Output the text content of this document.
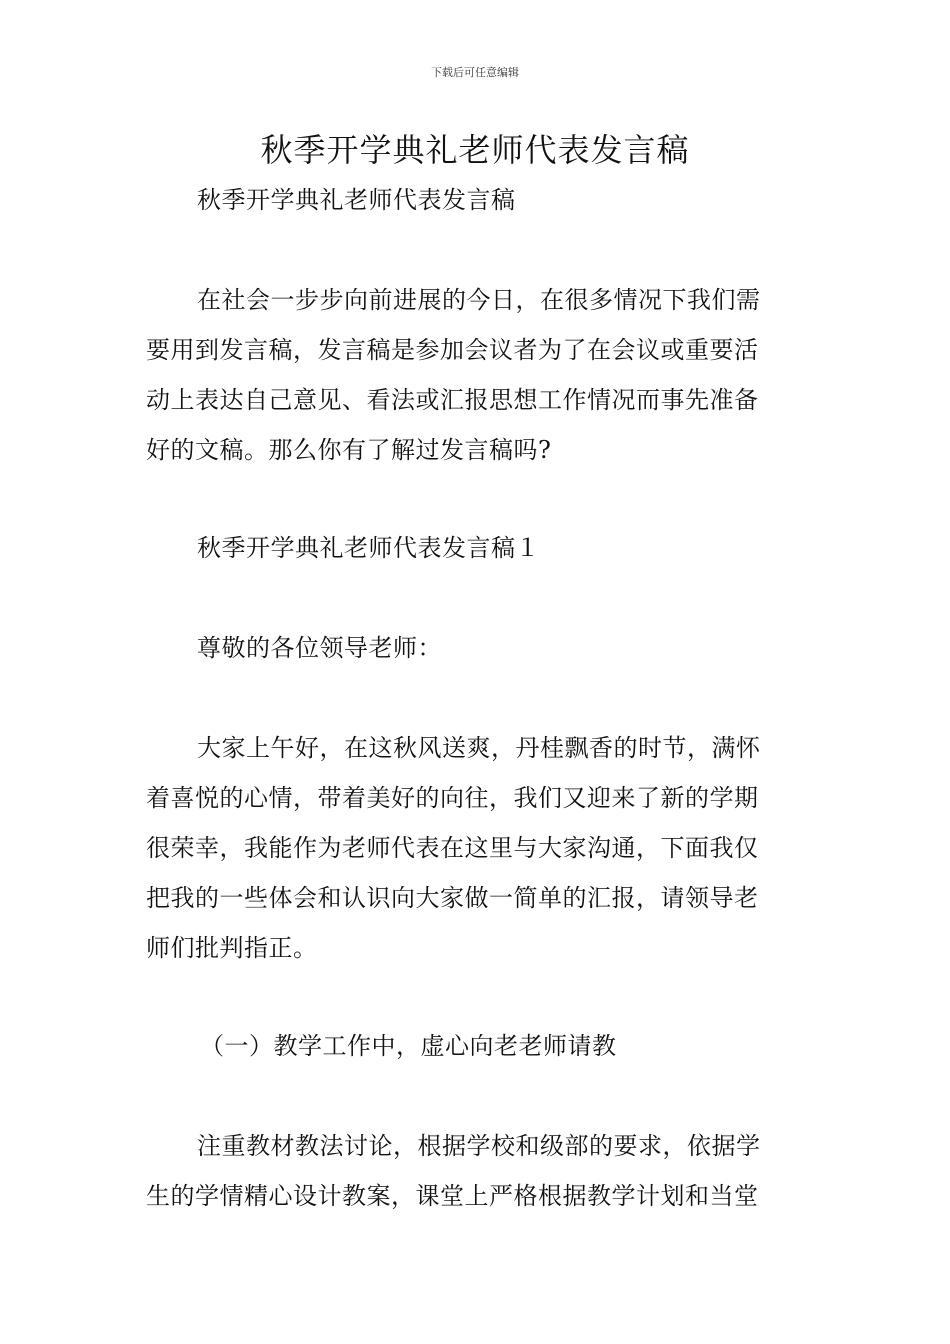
下载后可任意编辑
秋季开学典礼老师代表发言稿
秋季开学典礼老师代表发言稿
在社会一步步向前进展的今日，在很多情况下我们需
要用到发言稿，发言稿是参加会议者为了在会议或重要活
动上表达自己意见、看法或汇报思想工作情况而事先准备
好的文稿。那么你有了解过发言稿吗?
秋季开学典礼老师代表发言稿１
尊敬的各位领导老师：
大家上午好，在这秋风送爽，丹桂飘香的时节，满怀
着喜悦的心情，带着美好的向往，我们又迎来了新的学期
很荣幸，我能作为老师代表在这里与大家沟通，下面我仅
把我的一些体会和认识向大家做一简单的汇报，请领导老
师们批判指正。
（一）教学工作中，虚心向老老师请教
注重教材教法讨论，根据学校和级部的要求，依据学
生的学情精心设计教案，课堂上严格根据教学计划和当堂
